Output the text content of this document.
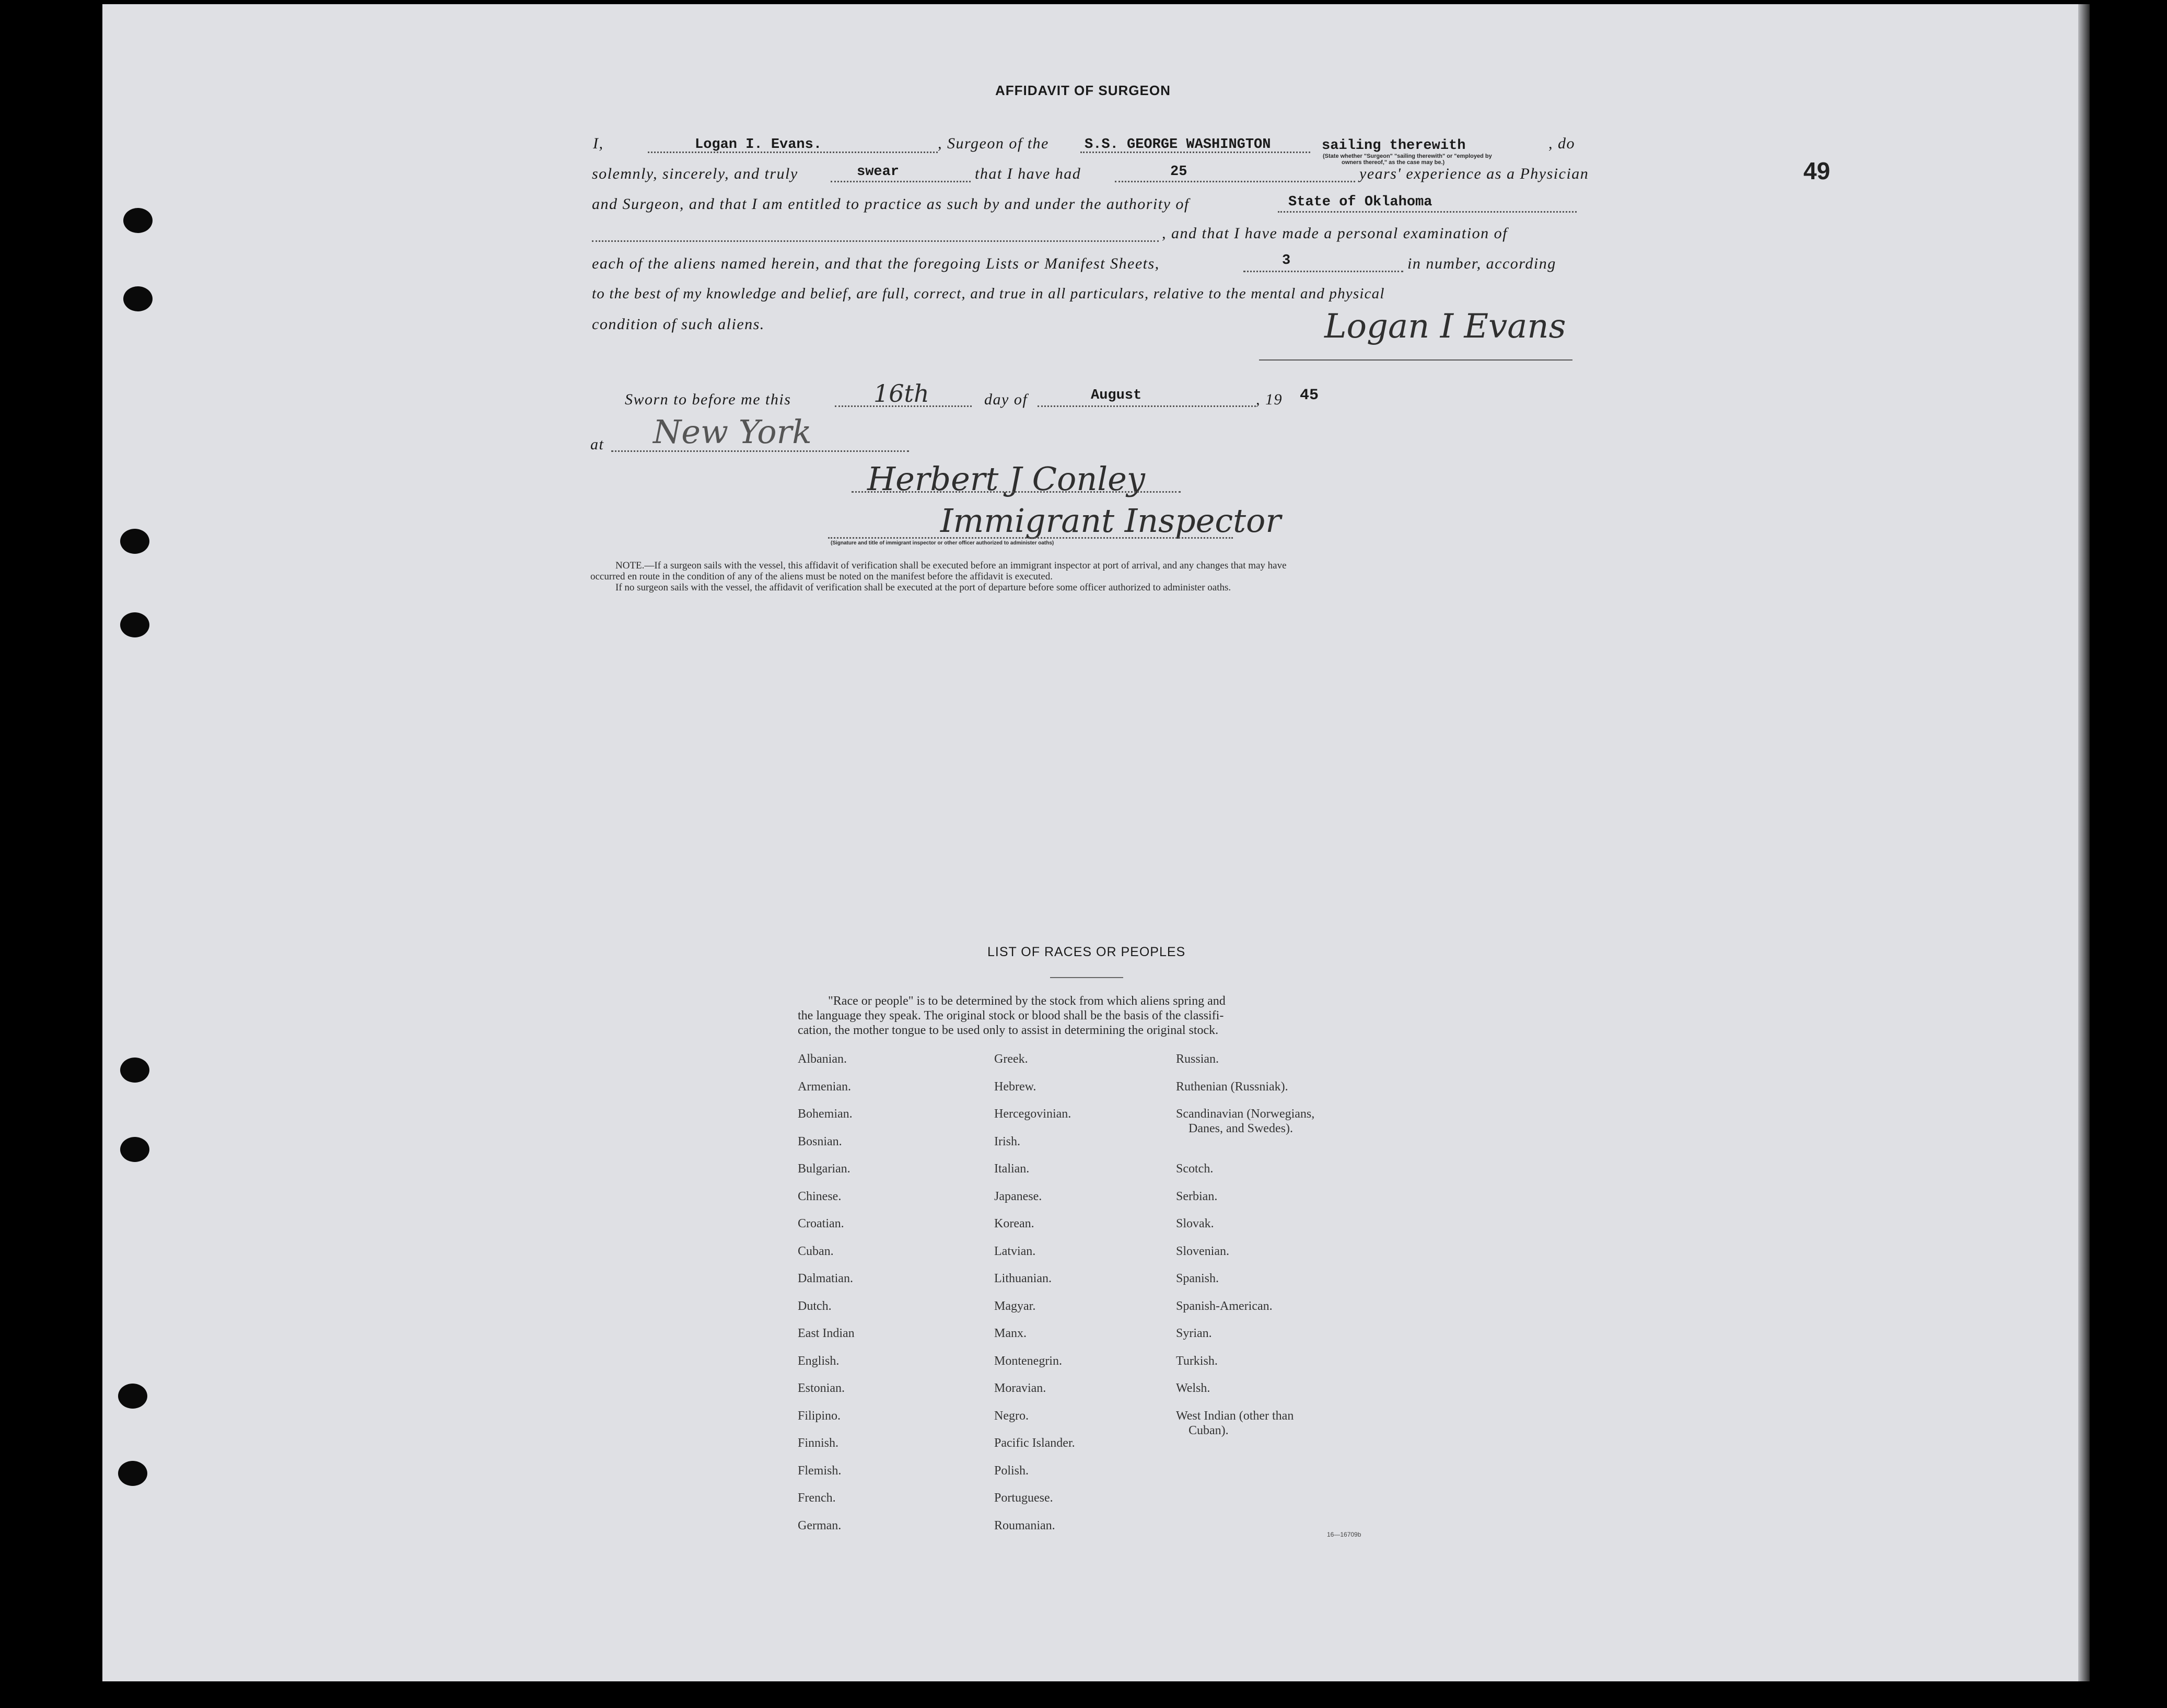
AFFIDAVIT OF SURGEON
49
I,	Logan I. Evans.	, Surgeon of the	S.S. GEORGE WASHINGTON	sailing therewith
(State whether "Surgeon" "sailing therewith" or "employed by
owners thereof," as the case may be.)
, do
solemnly, sincerely, and truly	swear	that I have had	25	years' experience as a Physician
and Surgeon, and that I am entitled to practice as such by and under the authority of	State of Oklahoma
, and that I have made a personal examination of
each of the aliens named herein, and that the foregoing Lists or Manifest Sheets,	3	in number, according
to the best of my knowledge and belief, are full, correct, and true in all particulars, relative to the mental and physical
condition of such aliens.	Logan I Evans
Sworn to before me this	16th	day of	August	, 19 45
at New York
Herbert J Conley
Immigrant Inspector
(Signature and title of immigrant inspector or other officer authorized to administer oaths)
NOTE.—If a surgeon sails with the vessel, this affidavit of verification shall be executed before an immigrant inspector at port of arrival, and any changes that may have
occurred en route in the condition of any of the aliens must be noted on the manifest before the affidavit is executed.
If no surgeon sails with the vessel, the affidavit of verification shall be executed at the port of departure before some officer authorized to administer oaths.
LIST OF RACES OR PEOPLES
"Race or people" is to be determined by the stock from which aliens spring and
the language they speak. The original stock or blood shall be the basis of the classifi-
cation, the mother tongue to be used only to assist in determining the original stock.
Albanian.
Armenian.
Bohemian.
Bosnian.
Bulgarian.
Chinese.
Croatian.
Cuban.
Dalmatian.
Dutch.
East Indian
English.
Estonian.
Filipino.
Finnish.
Flemish.
French.
German.
Greek.
Hebrew.
Hercegovinian.
Irish.
Italian.
Japanese.
Korean.
Latvian.
Lithuanian.
Magyar.
Manx.
Montenegrin.
Moravian.
Negro.
Pacific Islander.
Polish.
Portuguese.
Roumanian.
Russian.
Ruthenian (Russniak).
Scandinavian (Norwegians,
Danes, and Swedes).
Scotch.
Serbian.
Slovak.
Slovenian.
Spanish.
Spanish-American.
Syrian.
Turkish.
Welsh.
West Indian (other than
Cuban).
16—16709b
